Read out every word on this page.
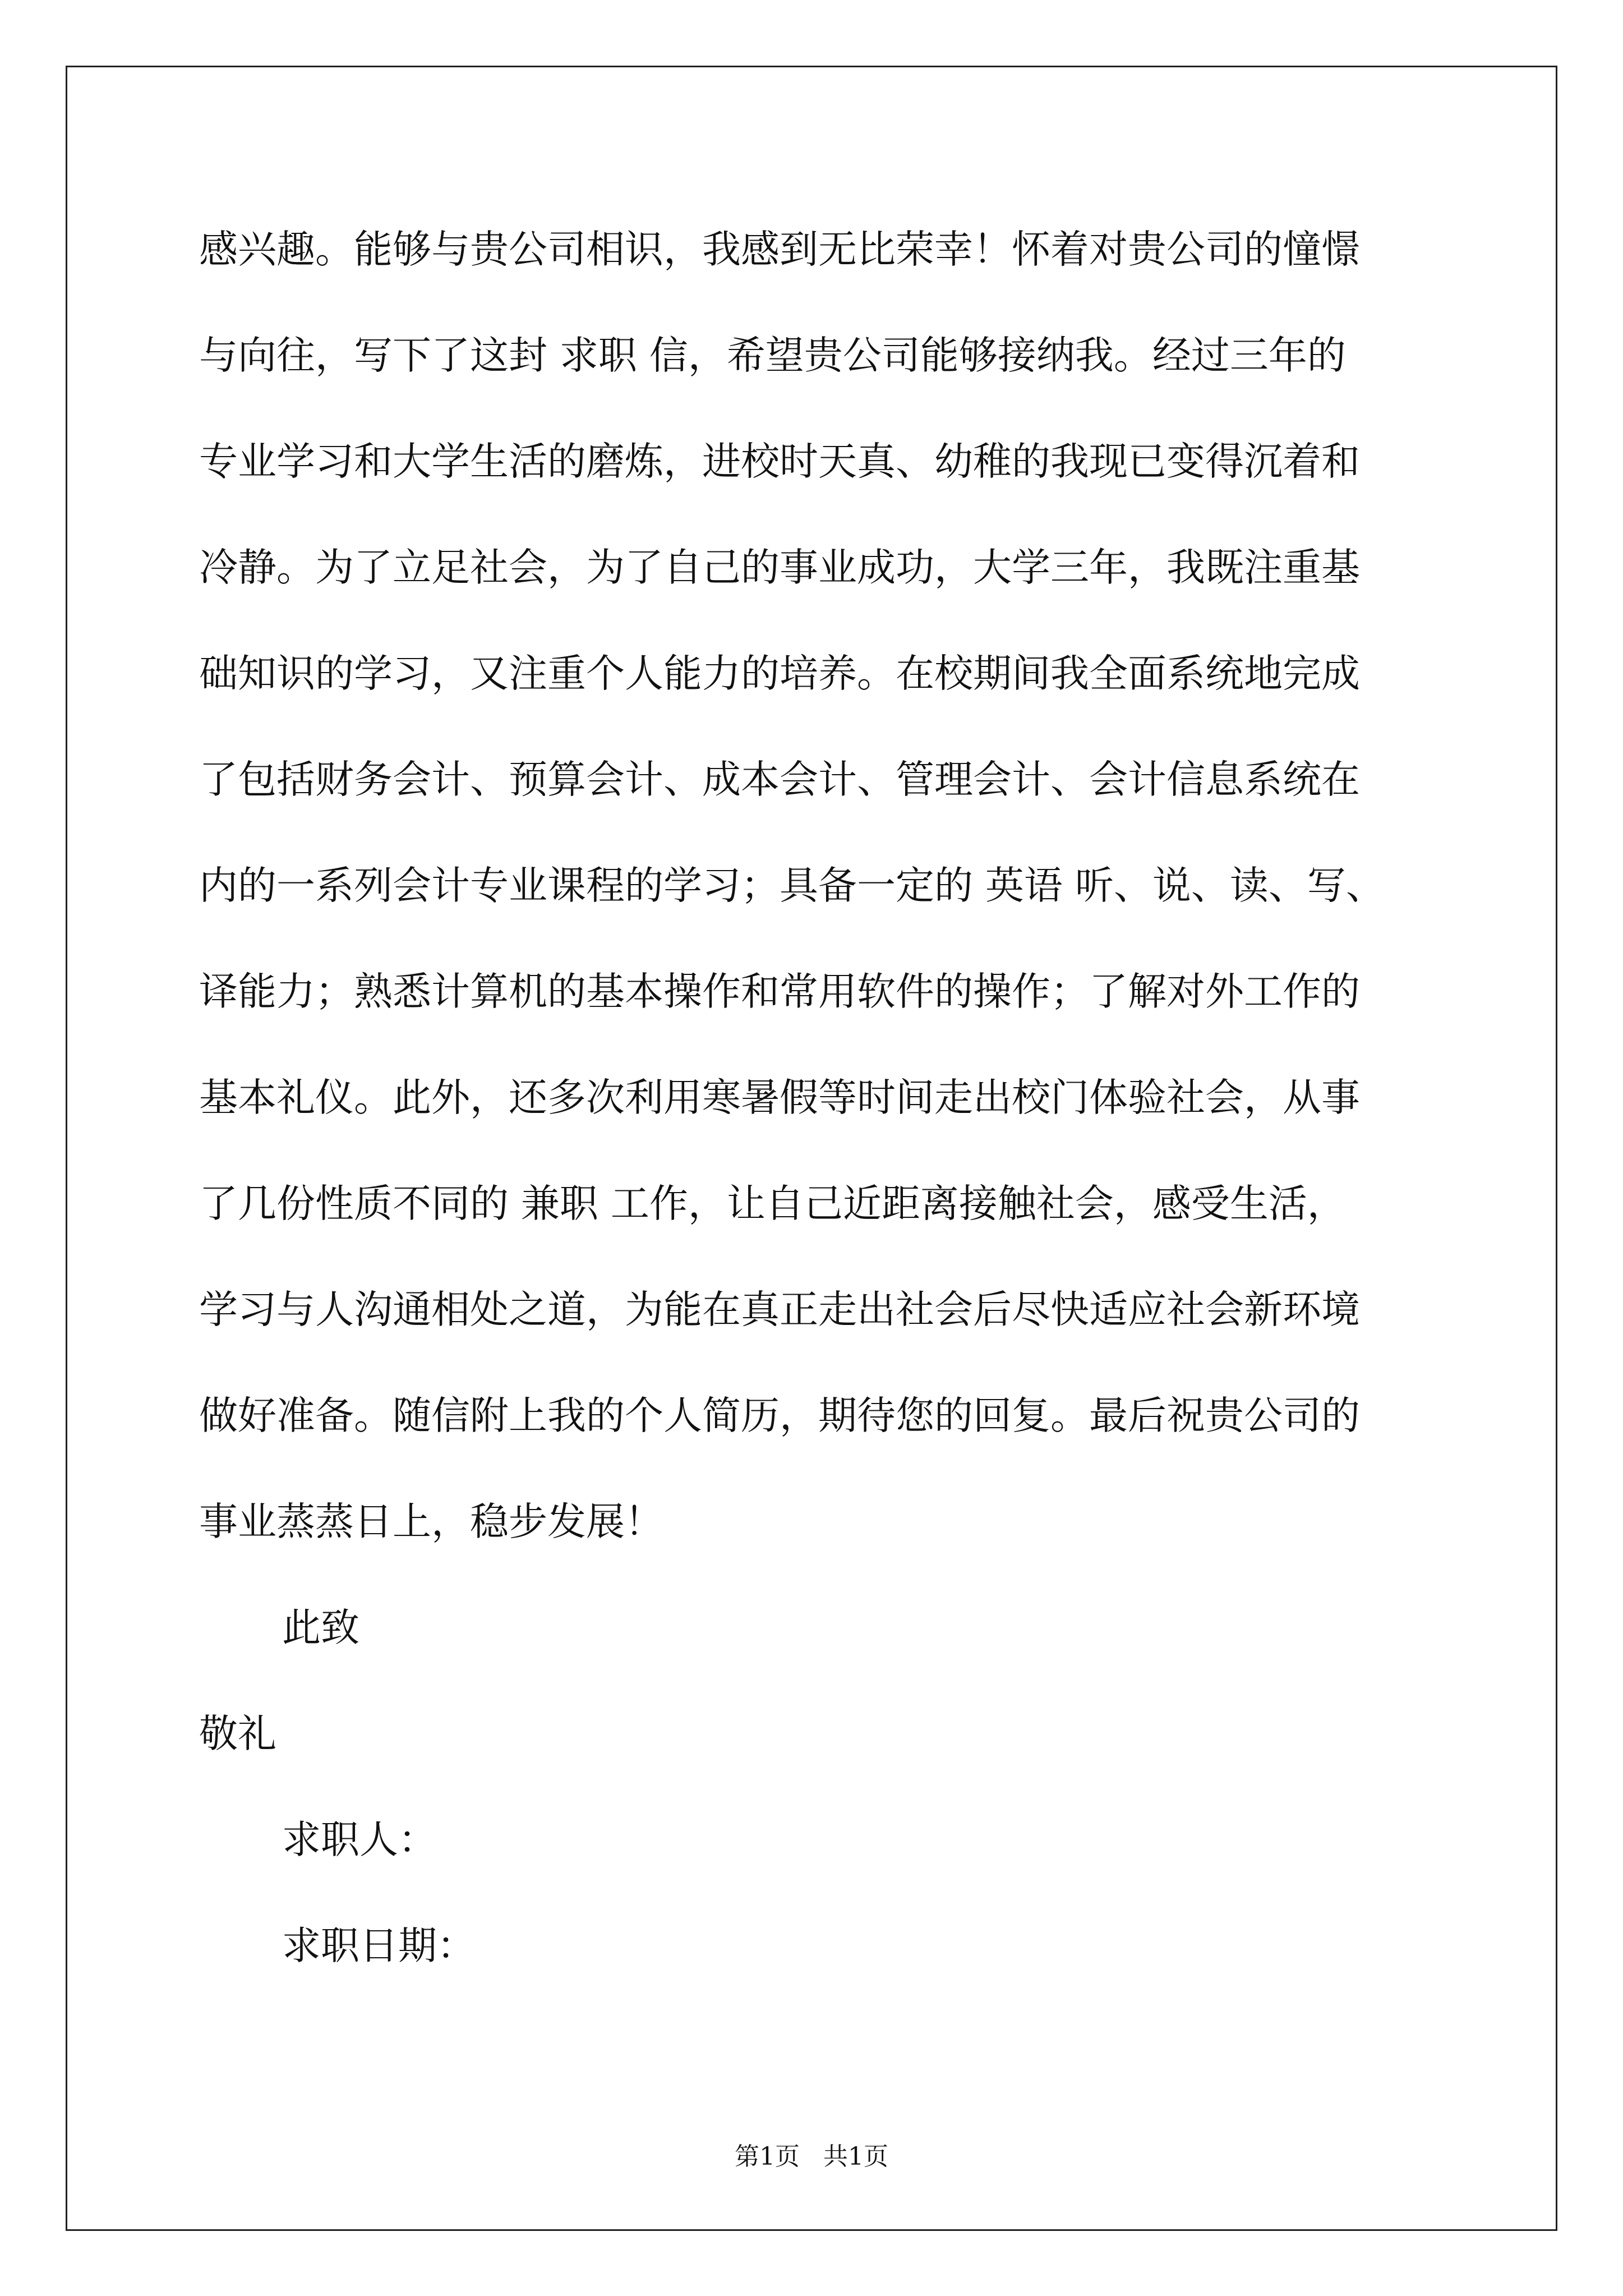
感兴趣。能够与贵公司相识，我感到无比荣幸！怀着对贵公司的憧憬
与向往，写下了这封 求职 信，希望贵公司能够接纳我。经过三年的
专业学习和大学生活的磨炼，进校时天真、幼稚的我现已变得沉着和
冷静。为了立足社会，为了自己的事业成功，大学三年，我既注重基
础知识的学习，又注重个人能力的培养。在校期间我全面系统地完成
了包括财务会计、预算会计、成本会计、管理会计、会计信息系统在
内的一系列会计专业课程的学习；具备一定的 英语 听、说、读、写、
译能力；熟悉计算机的基本操作和常用软件的操作；了解对外工作的
基本礼仪。此外，还多次利用寒暑假等时间走出校门体验社会，从事
了几份性质不同的 兼职 工作，让自己近距离接触社会，感受生活，
学习与人沟通相处之道，为能在真正走出社会后尽快适应社会新环境
做好准备。随信附上我的个人简历，期待您的回复。最后祝贵公司的
事业蒸蒸日上，稳步发展！
此致
敬礼
求职人：
求职日期：
第1页   共1页
